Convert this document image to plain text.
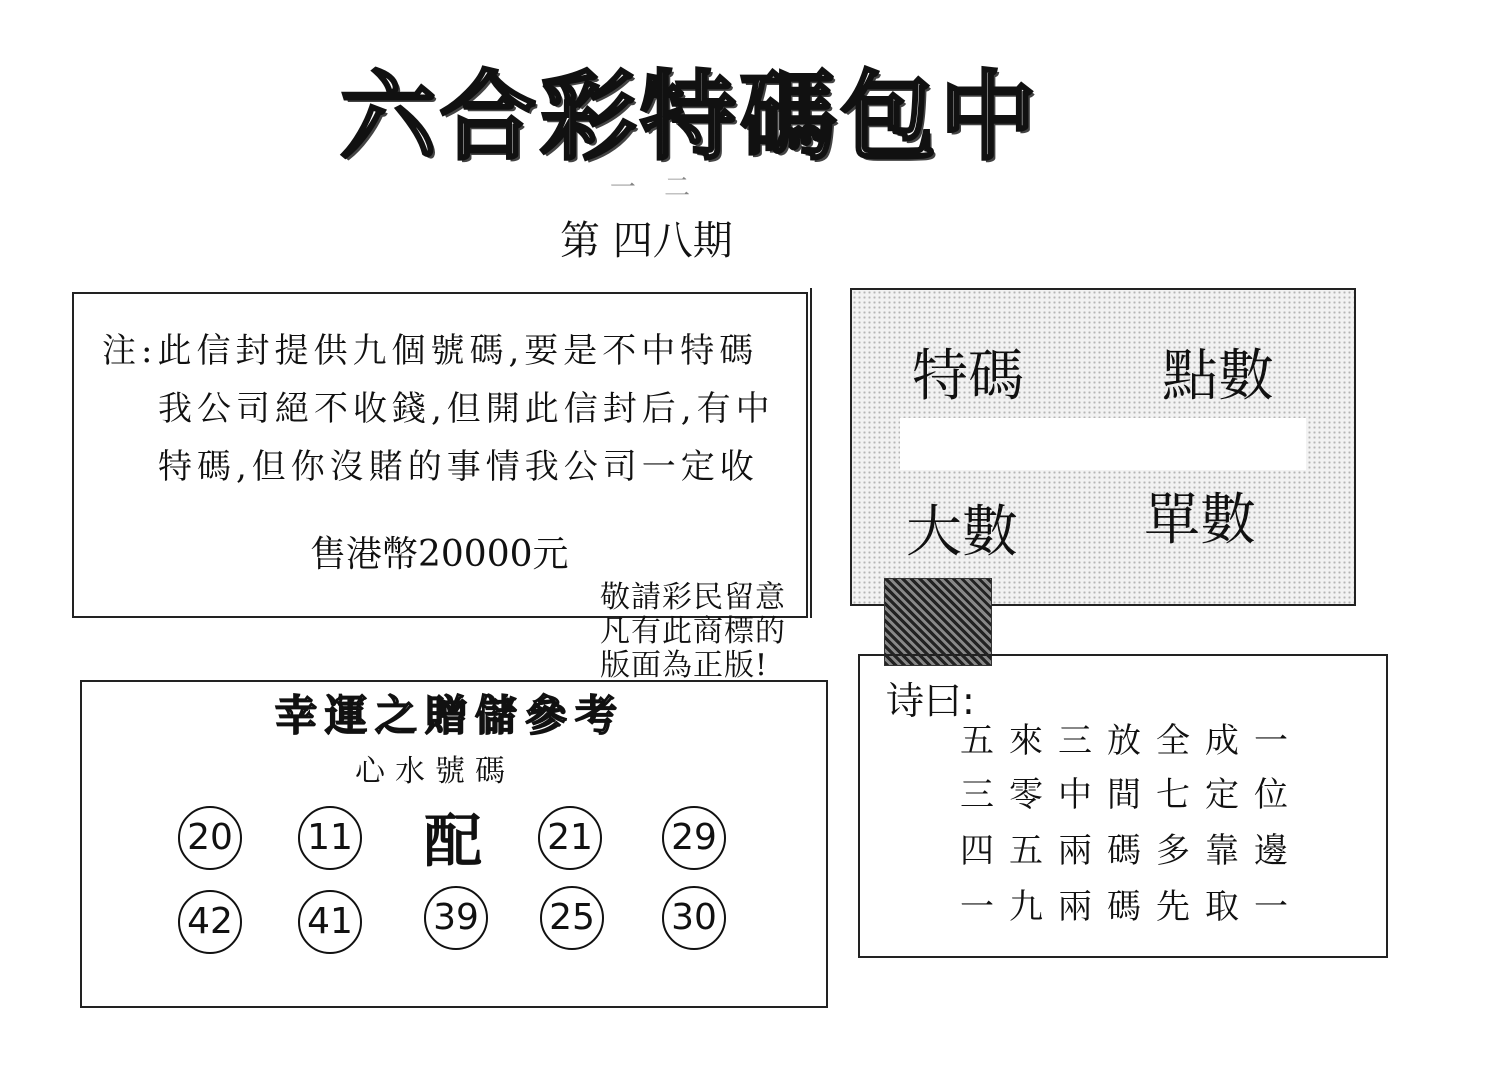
六合彩特碼包中
一 二
第 四八期
注:此信封提供九個號碼,要是不中特碼
我公司絕不收錢,但開此信封后,有中
特碼,但你沒賭的事情我公司一定收
售港幣20000元
特碼 點數
大數 單數
敬請彩民留意
凡有此商標的
版面為正版!
幸運之贈儲參考
心水號碼
20 11 配 21 29
42 41 39 25 30
诗曰:
五來三放全成一
三零中間七定位
四五兩碼多靠邊
一九兩碼先取一
